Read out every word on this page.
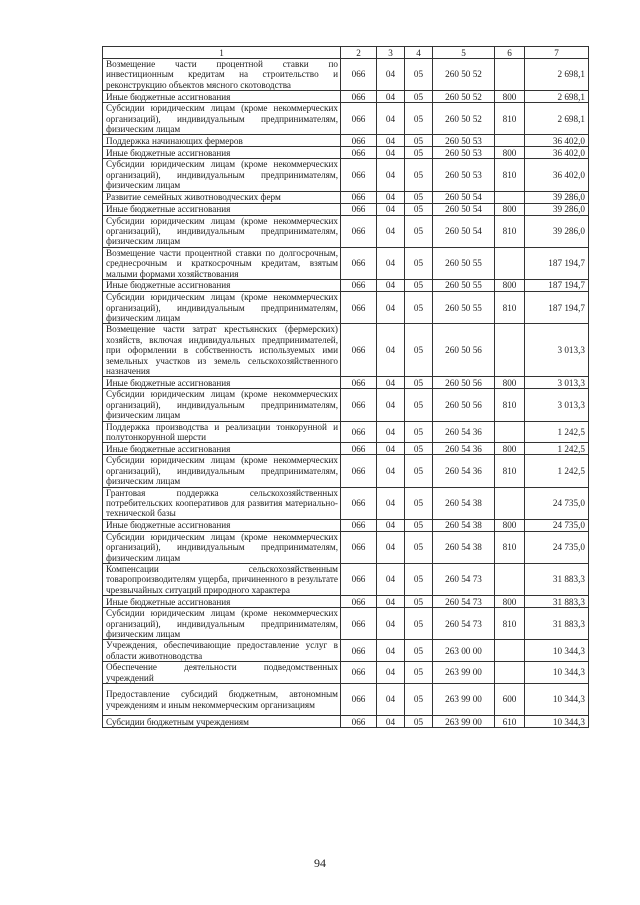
1	2	3	4	5	6	7
Возмещение части процентной ставки по инвестиционным кредитам на строительство и реконструкцию объектов мясного скотоводства	066	04	05	260 50 52		2 698,1
Иные бюджетные ассигнования	066	04	05	260 50 52	800	2 698,1
Субсидии юридическим лицам (кроме некоммерческих организаций), индивидуальным предпринимателям, физическим лицам	066	04	05	260 50 52	810	2 698,1
Поддержка начинающих фермеров	066	04	05	260 50 53		36 402,0
Иные бюджетные ассигнования	066	04	05	260 50 53	800	36 402,0
Субсидии юридическим лицам (кроме некоммерческих организаций), индивидуальным предпринимателям, физическим лицам	066	04	05	260 50 53	810	36 402,0
Развитие семейных животноводческих ферм	066	04	05	260 50 54		39 286,0
Иные бюджетные ассигнования	066	04	05	260 50 54	800	39 286,0
Субсидии юридическим лицам (кроме некоммерческих организаций), индивидуальным предпринимателям, физическим лицам	066	04	05	260 50 54	810	39 286,0
Возмещение части процентной ставки по долгосрочным, среднесрочным и краткосрочным кредитам, взятым малыми формами хозяйствования	066	04	05	260 50 55		187 194,7
Иные бюджетные ассигнования	066	04	05	260 50 55	800	187 194,7
Субсидии юридическим лицам (кроме некоммерческих организаций), индивидуальным предпринимателям, физическим лицам	066	04	05	260 50 55	810	187 194,7
Возмещение части затрат крестьянских (фермерских) хозяйств, включая индивидуальных предпринимателей, при оформлении в собственность используемых ими земельных участков из земель сельскохозяйственного назначения	066	04	05	260 50 56		3 013,3
Иные бюджетные ассигнования	066	04	05	260 50 56	800	3 013,3
Субсидии юридическим лицам (кроме некоммерческих организаций), индивидуальным предпринимателям, физическим лицам	066	04	05	260 50 56	810	3 013,3
Поддержка производства и реализации тонкорунной и полутонкорунной шерсти	066	04	05	260 54 36		1 242,5
Иные бюджетные ассигнования	066	04	05	260 54 36	800	1 242,5
Субсидии юридическим лицам (кроме некоммерческих организаций), индивидуальным предпринимателям, физическим лицам	066	04	05	260 54 36	810	1 242,5
Грантовая поддержка сельскохозяйственных потребительских кооперативов для развития материально-технической базы	066	04	05	260 54 38		24 735,0
Иные бюджетные ассигнования	066	04	05	260 54 38	800	24 735,0
Субсидии юридическим лицам (кроме некоммерческих организаций), индивидуальным предпринимателям, физическим лицам	066	04	05	260 54 38	810	24 735,0
Компенсации сельскохозяйственным товаропроизводителям ущерба, причиненного в результате чрезвычайных ситуаций природного характера	066	04	05	260 54 73		31 883,3
Иные бюджетные ассигнования	066	04	05	260 54 73	800	31 883,3
Субсидии юридическим лицам (кроме некоммерческих организаций), индивидуальным предпринимателям, физическим лицам	066	04	05	260 54 73	810	31 883,3
Учреждения, обеспечивающие предоставление услуг в области животноводства	066	04	05	263 00 00		10 344,3
Обеспечение деятельности подведомственных учреждений	066	04	05	263 99 00		10 344,3
Предоставление субсидий бюджетным, автономным учреждениям и иным некоммерческим организациям	066	04	05	263 99 00	600	10 344,3
Субсидии бюджетным учреждениям	066	04	05	263 99 00	610	10 344,3
94
